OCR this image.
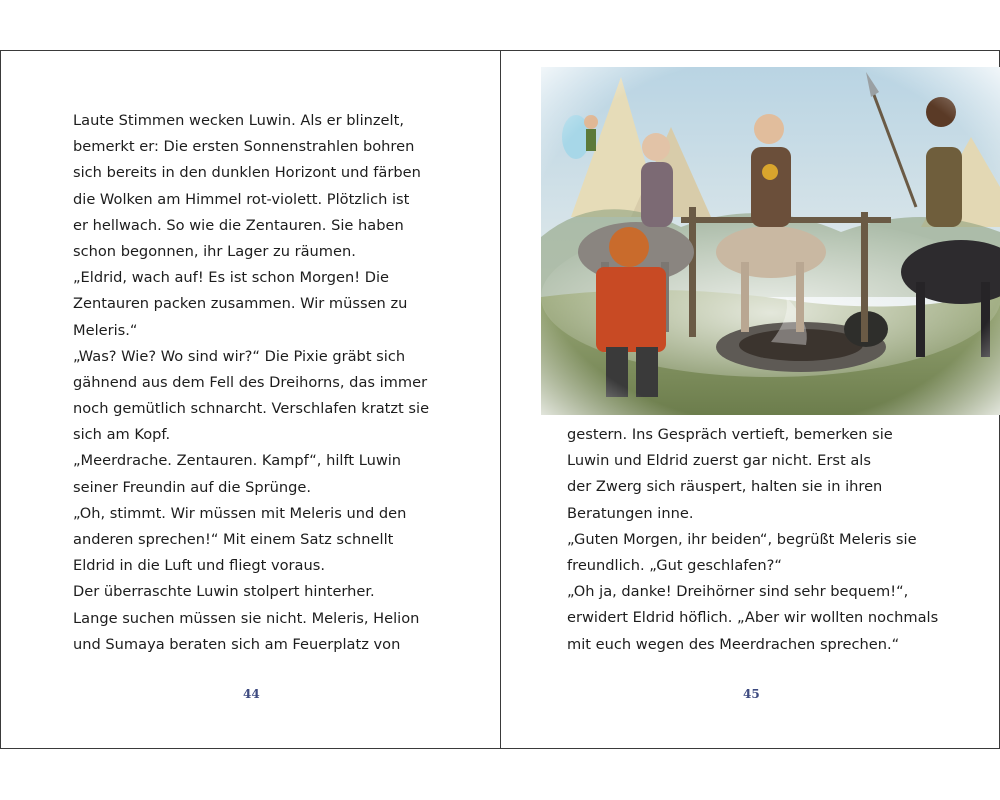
Laute Stimmen wecken Luwin. Als er blinzelt,
bemerkt er: Die ersten Sonnenstrahlen bohren
sich bereits in den dunklen Horizont und färben
die Wolken am Himmel rot-violett. Plötzlich ist
er hellwach. So wie die Zentauren. Sie haben
schon begonnen, ihr Lager zu räumen.
„Eldrid, wach auf! Es ist schon Morgen! Die
Zentauren packen zusammen. Wir müssen zu
Meleris.“
„Was? Wie? Wo sind wir?“ Die Pixie gräbt sich
gähnend aus dem Fell des Dreihorns, das immer
noch gemütlich schnarcht. Verschlafen kratzt sie
sich am Kopf.
„Meerdrache. Zentauren. Kampf“, hilft Luwin
seiner Freundin auf die Sprünge.
„Oh, stimmt. Wir müssen mit Meleris und den
anderen sprechen!“ Mit einem Satz schnellt
Eldrid in die Luft und fliegt voraus.
Der überraschte Luwin stolpert hinterher.
Lange suchen müssen sie nicht. Meleris, Helion
und Sumaya beraten sich am Feuerplatz von
44
gestern. Ins Gespräch vertieft, bemerken sie
Luwin und Eldrid zuerst gar nicht. Erst als
der Zwerg sich räuspert, halten sie in ihren
Beratungen inne.
„Guten Morgen, ihr beiden“, begrüßt Meleris sie
freundlich. „Gut geschlafen?“
„Oh ja, danke! Dreihörner sind sehr bequem!“,
erwidert Eldrid höflich. „Aber wir wollten nochmals
mit euch wegen des Meerdrachen sprechen.“
45
